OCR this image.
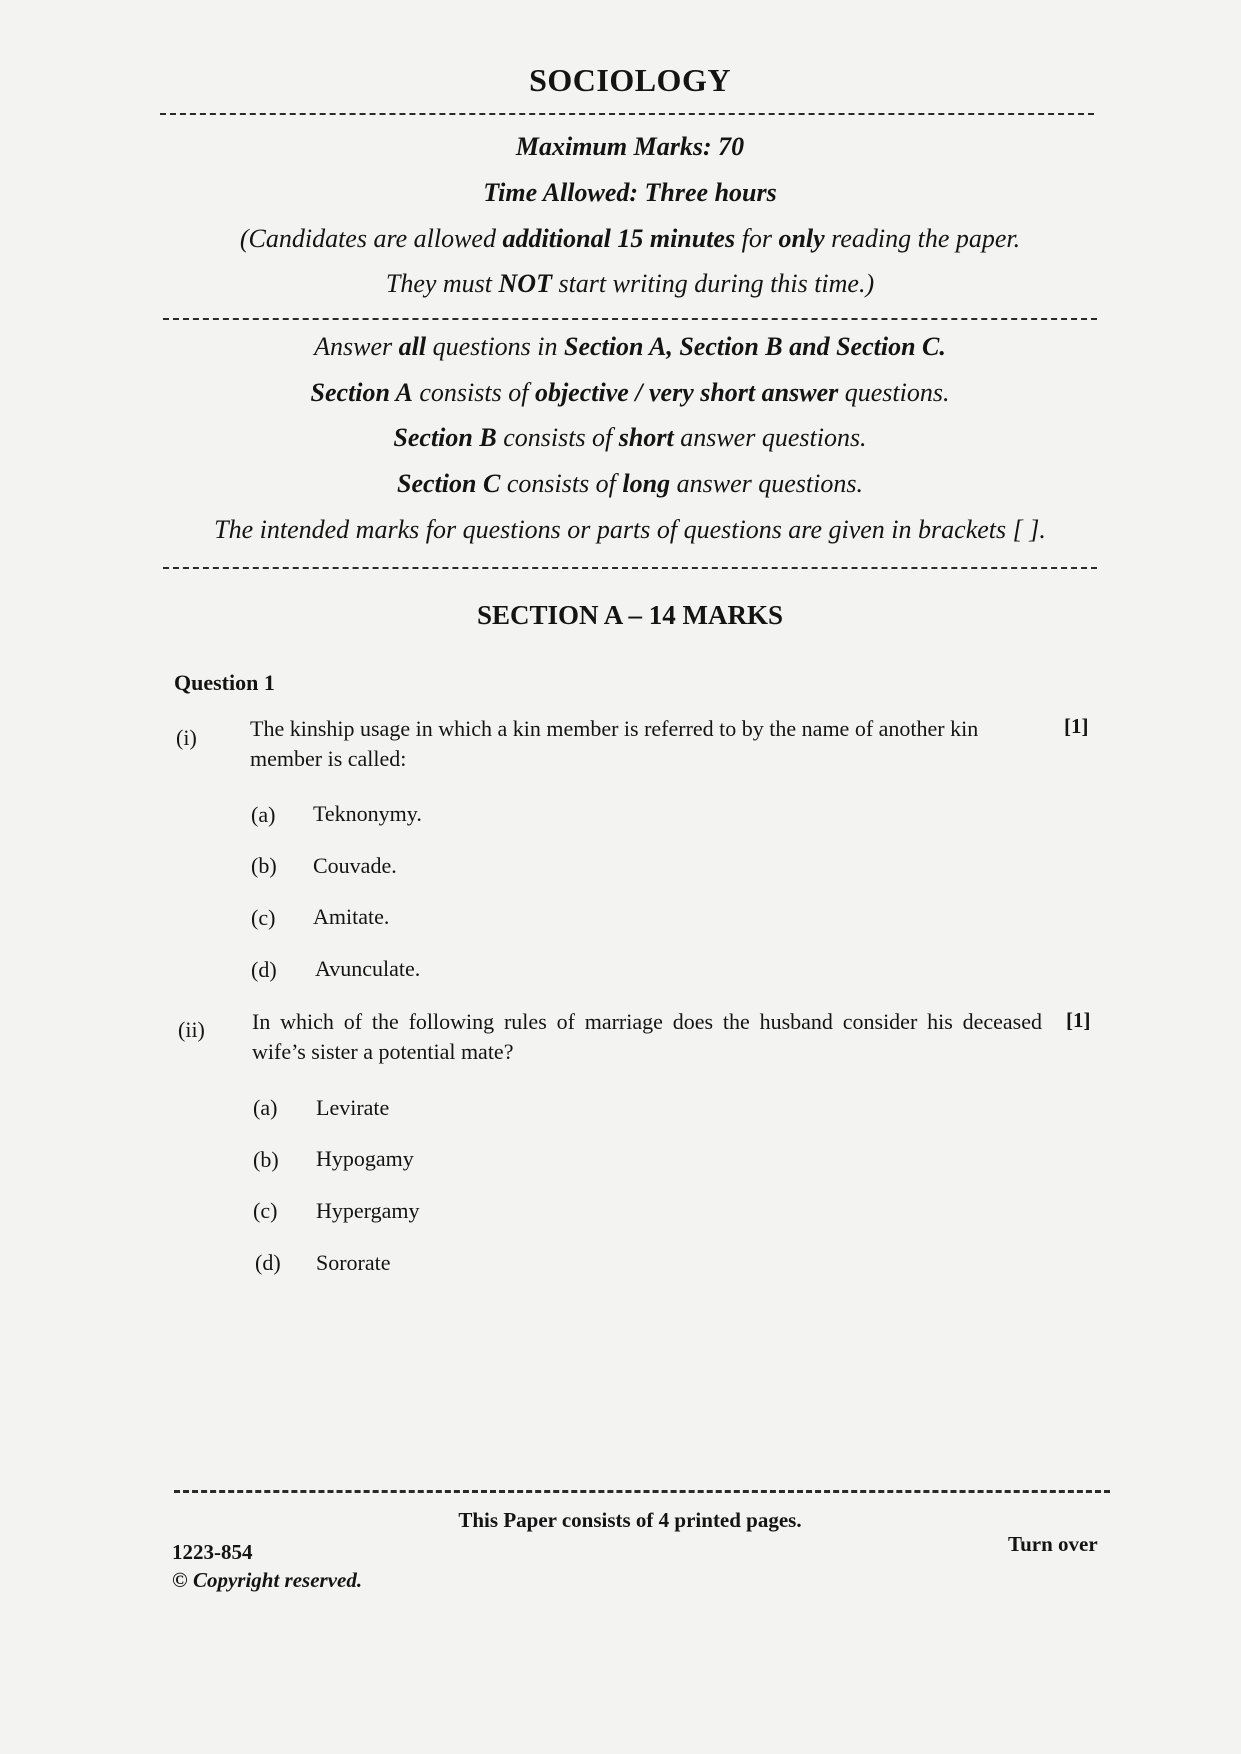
SOCIOLOGY
Maximum Marks: 70
Time Allowed: Three hours
(Candidates are allowed additional 15 minutes for only reading the paper.
They must NOT start writing during this time.)
Answer all questions in Section A, Section B and Section C.
Section A consists of objective / very short answer questions.
Section B consists of short answer questions.
Section C consists of long answer questions.
The intended marks for questions or parts of questions are given in brackets [ ].
SECTION A – 14 MARKS
Question 1
(i) The kinship usage in which a kin member is referred to by the name of another kin member is called:
[1]
(a) Teknonymy.
(b) Couvade.
(c) Amitate.
(d) Avunculate.
(ii) In which of the following rules of marriage does the husband consider his deceased wife’s sister a potential mate?
[1]
(a) Levirate
(b) Hypogamy
(c) Hypergamy
(d) Sororate
This Paper consists of 4 printed pages.
1223-854
© Copyright reserved.
Turn over
